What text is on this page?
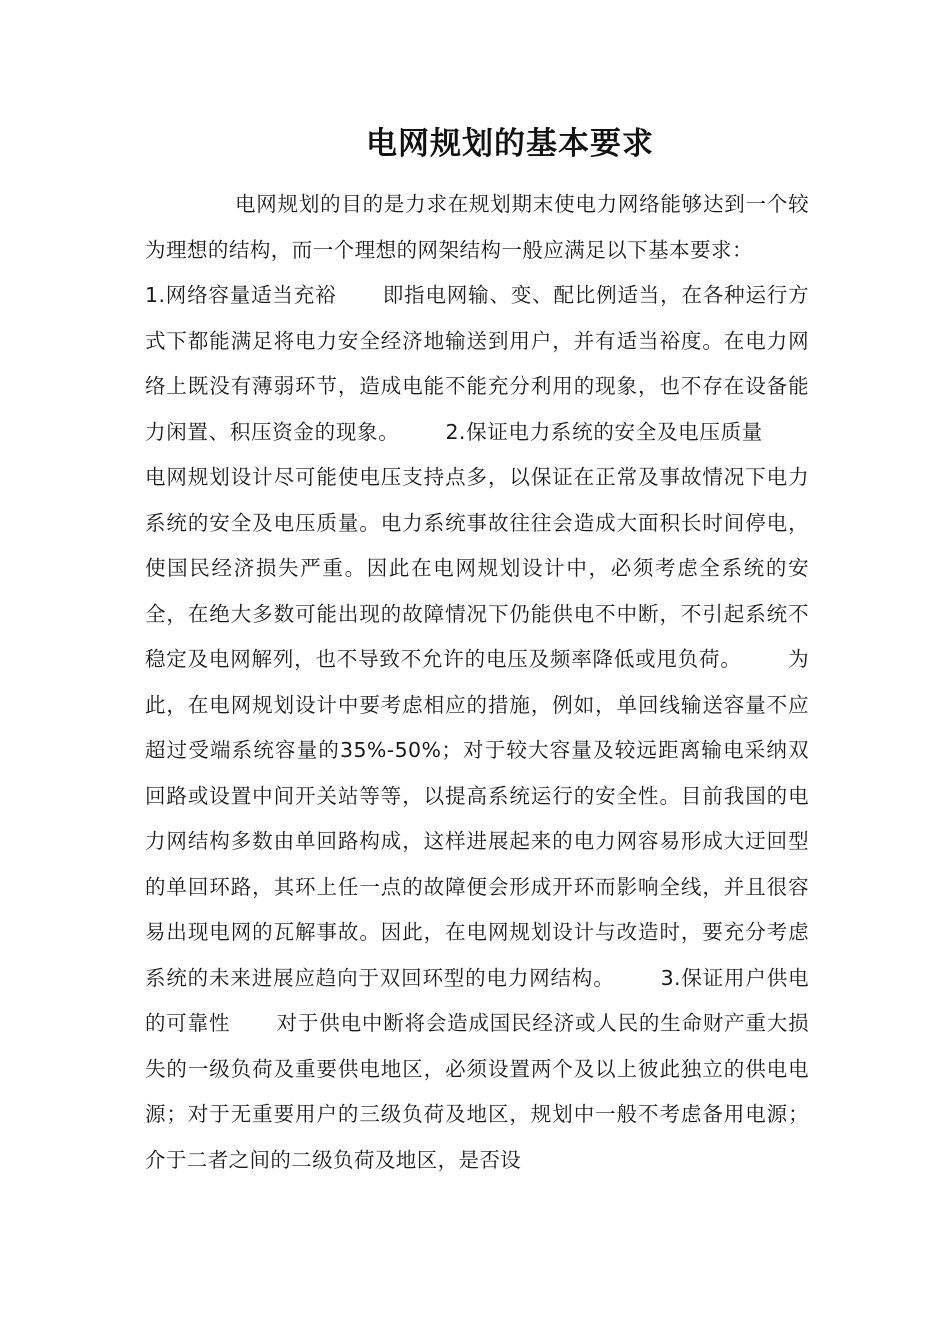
电网规划的基本要求

电网规划的目的是力求在规划期末使电力网络能够达到一个较为理想的结构，而一个理想的网架结构一般应满足以下基本要求：1.网络容量适当充裕 即指电网输、变、配比例适当，在各种运行方式下都能满足将电力安全经济地输送到用户，并有适当裕度。在电力网络上既没有薄弱环节，造成电能不能充分利用的现象，也不存在设备能力闲置、积压资金的现象。 2.保证电力系统的安全及电压质量电网规划设计尽可能使电压支持点多，以保证在正常及事故情况下电力系统的安全及电压质量。电力系统事故往往会造成大面积长时间停电，使国民经济损失严重。因此在电网规划设计中，必须考虑全系统的安全，在绝大多数可能出现的故障情况下仍能供电不中断，不引起系统不稳定及电网解列，也不导致不允许的电压及频率降低或甩负荷。 为此，在电网规划设计中要考虑相应的措施，例如，单回线输送容量不应超过受端系统容量的35%-50%；对于较大容量及较远距离输电采纳双回路或设置中间开关站等等，以提高系统运行的安全性。目前我国的电力网结构多数由单回路构成，这样进展起来的电力网容易形成大迂回型的单回环路，其环上任一点的故障便会形成开环而影响全线，并且很容易出现电网的瓦解事故。因此，在电网规划设计与改造时，要充分考虑系统的未来进展应趋向于双回环型的电力网结构。 3.保证用户供电的可靠性 对于供电中断将会造成国民经济或人民的生命财产重大损失的一级负荷及重要供电地区，必须设置两个及以上彼此独立的供电电源；对于无重要用户的三级负荷及地区，规划中一般不考虑备用电源；介于二者之间的二级负荷及地区，是否设
